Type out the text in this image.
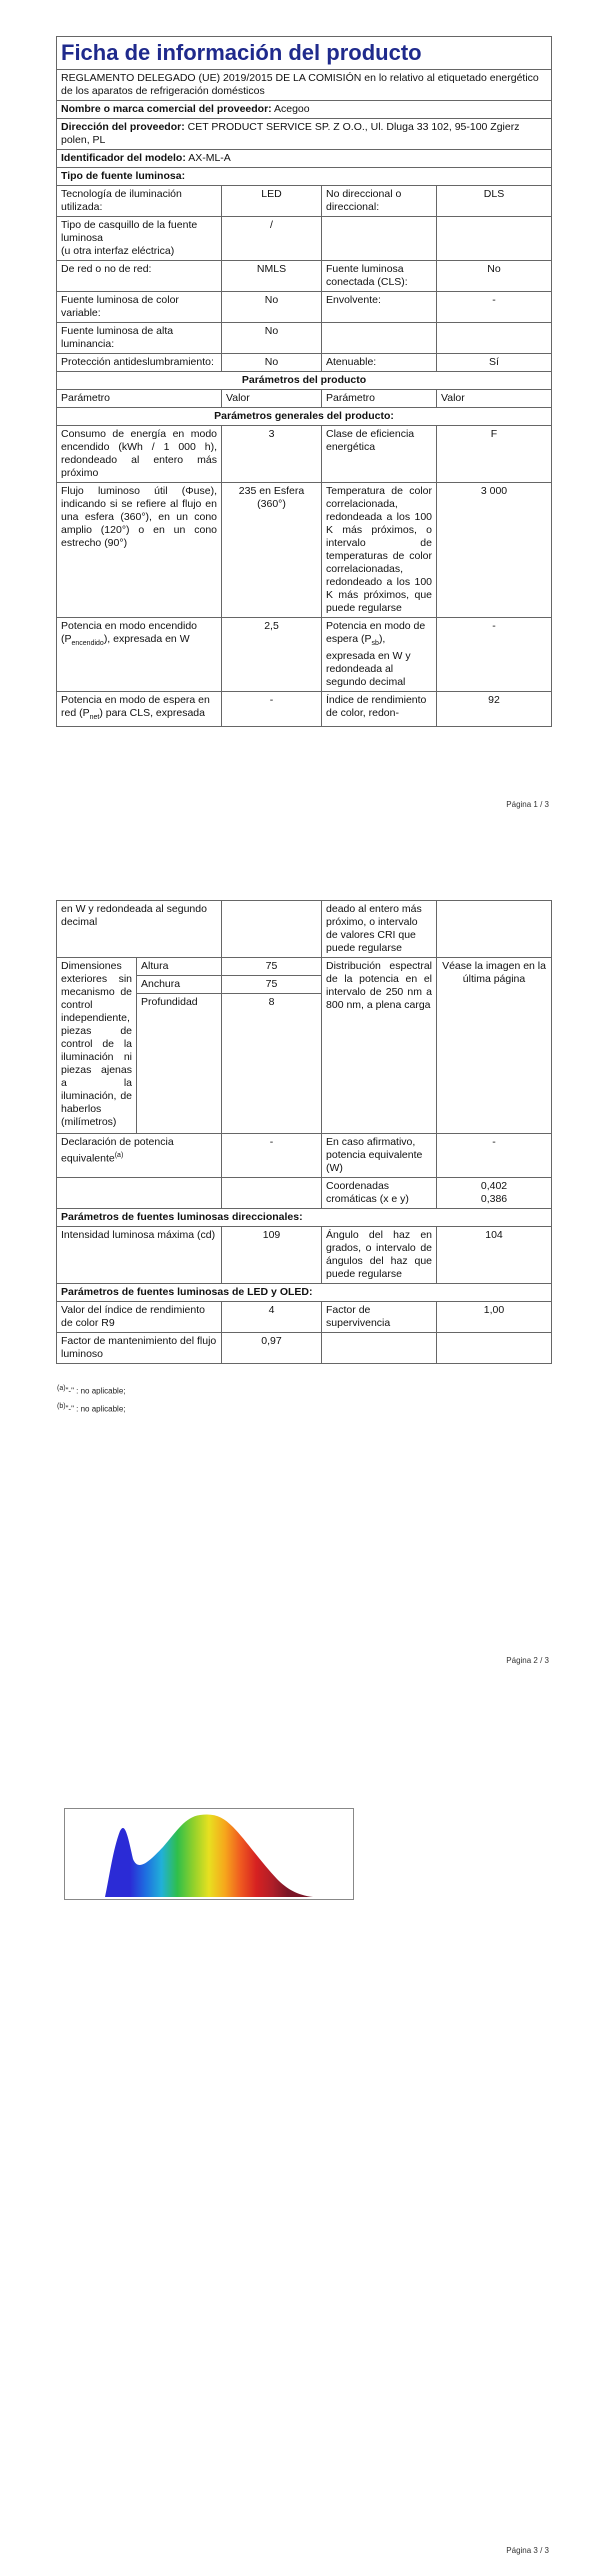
Ficha de información del producto			
REGLAMENTO DELEGADO (UE) 2019/2015 DE LA COMISIÓN en lo relativo al etiquetado energético de los aparatos de refrigeración domésticos			
Nombre o marca comercial del proveedor: Acegoo			
Dirección del proveedor: CET PRODUCT SERVICE SP. Z O.O., Ul. Dluga 33 102, 95-100 Zgierz polen, PL			
Identificador del modelo: AX-ML-A			
Tipo de fuente luminosa:			
Tecnología de iluminación utilizada:	LED	No direccional o direccional:	DLS

Tipo de casquillo de la fuente luminosa
(u otra interfaz eléctrica)	/		
De red o no de red:	NMLS	Fuente luminosa conectada (CLS):	No
Fuente luminosa de color variable:	No	Envolvente:	-
Fuente luminosa de alta luminancia:	No		
Protección antideslumbramiento:	No	Atenuable:	Sí
Parámetros del producto			
Parámetro	Valor	Parámetro	Valor
Parámetros generales del producto:			
Consumo de energía en modo encendido (kWh / 1 000 h), redondeado al entero más próximo	3	Clase de eficiencia energética	F
Flujo luminoso útil (Φuse), indicando si se refiere al flujo en una esfera (360°), en un cono amplio (120°) o en un cono estrecho (90°)	235 en Esfera (360°)	Temperatura de color correlacionada, redondeada a los 100 K más próximos, o intervalo de temperaturas de color correlacionadas, redondeado a los 100 K más próximos, que puede regularse	3 000
Potencia en modo encendido $(P_{encendido})$, expresada en W	2,5	Potencia en modo de espera $(P_{sb})$, expresada en W y redondeada al segundo decimal	-
Potencia en modo de espera en red $(P_{net})$ para CLS, expresada	-	Índice de rendimiento de color, redon-	92
Página 1 / 3
en W y redondeada al segundo decimal			deado al entero más próximo, o intervalo de valores CRI que puede regularse	
Dimensiones exteriores sin mecanismo de control independiente, piezas de control de la iluminación ni piezas ajenas a la iluminación, de haberlos (milímetros)	Altura	75	Distribución espectral de la potencia en el intervalo de 250 nm a 800 nm, a plena carga	Véase la imagen en la última página
	Anchura	75		
	Profundidad	8		
Declaración de potencia equivalente$^{(a)}$		-	En caso afirmativo, potencia equivalente (W)	-
			Coordenadas cromáticas (x e y)	0,402
0,386

Parámetros de fuentes luminosas direccionales:				
Intensidad luminosa máxima (cd)		109	Ángulo del haz en grados, o intervalo de ángulos del haz que puede regularse	104
Parámetros de fuentes luminosas de LED y OLED:				
Valor del índice de rendimiento de color R9		4	Factor de supervivencia	1,00
Factor de mantenimiento del flujo luminoso		0,97		
$^{(a)}$"-" : no aplicable;
$^{(b)}$"-" : no aplicable;
Página 2 / 3
Página 3 / 3
